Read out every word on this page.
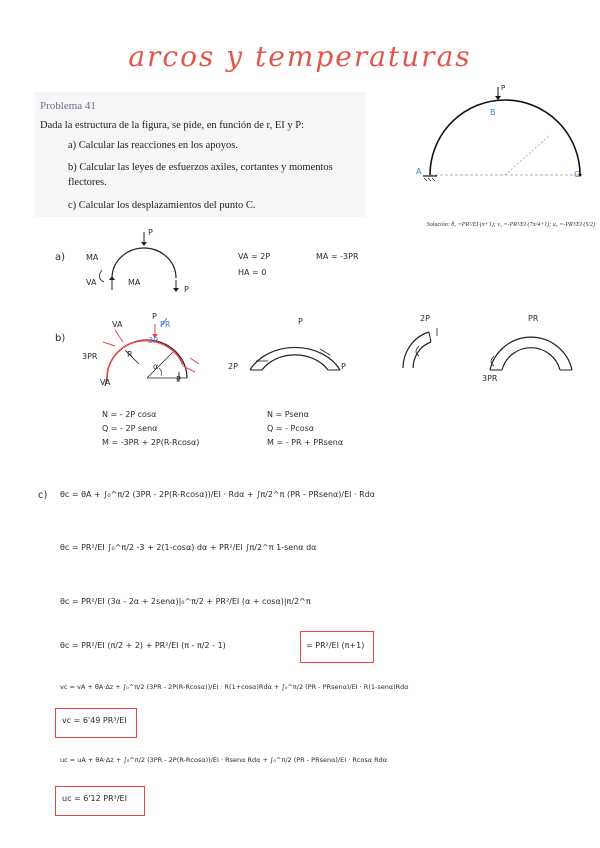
arcos y temperaturas
Problema 41
Dada la estructura de la figura, se pide, en función de r, EI y P:
a) Calcular las reacciones en los apoyos.
b) Calcular las leyes de esfuerzos axiles, cortantes y momentos flectores.
c) Calcular los desplazamientos del punto C.
A
B
C
P
Solución: θ꜀ =PR²/EI·(π+1); v꜀ =-PR³/EI·(7π/4+1); u꜀ =-PR³/EI·(5/2)
a)	MA
VA	MA
P
P
VA = 2P
HA = 0
MA = -3PR
b)
VA
P
PR
2P
R
α
P
3PR
VA
2P
P
P
2P	PR
3PR
N = - 2P cosα
Q = - 2P senα
M = -3PR + 2P(R-Rcosα)
N = Psenα
Q = - Pcosα
M = - PR + PRsenα
c) θc = θA + ∫₀^π/2 (3PR - 2P(R-Rcosα))/EI · Rdα + ∫π/2^π (PR - PRsenα)/EI · Rdα
θc = PR²/EI ∫₀^π/2 -3 + 2(1-cosα) dα + PR²/EI ∫π/2^π 1-senα dα
θc = PR²/EI (3α - 2α + 2senα)|₀^π/2 + PR²/EI (α + cosα)|π/2^π
θc = PR²/EI (π/2 + 2) + PR²/EI (π - π/2 - 1)	= PR²/EI (π+1)
vc = vA + θA·Δz + ∫₀^π/2 (3PR - 2P(R-Rcosα))/EI · R(1+cosα)Rdα + ∫₀^π/2 (PR - PRsenα)/EI · R(1-senα)Rdα
vc = 6'49 PR³/EI
uc = uA + θA·Δz + ∫₀^π/2 (3PR - 2P(R-Rcosα))/EI · Rsenα Rdα + ∫₀^π/2 (PR - PRsenα)/EI · Rcosα Rdα
uc = 6'12 PR³/EI
